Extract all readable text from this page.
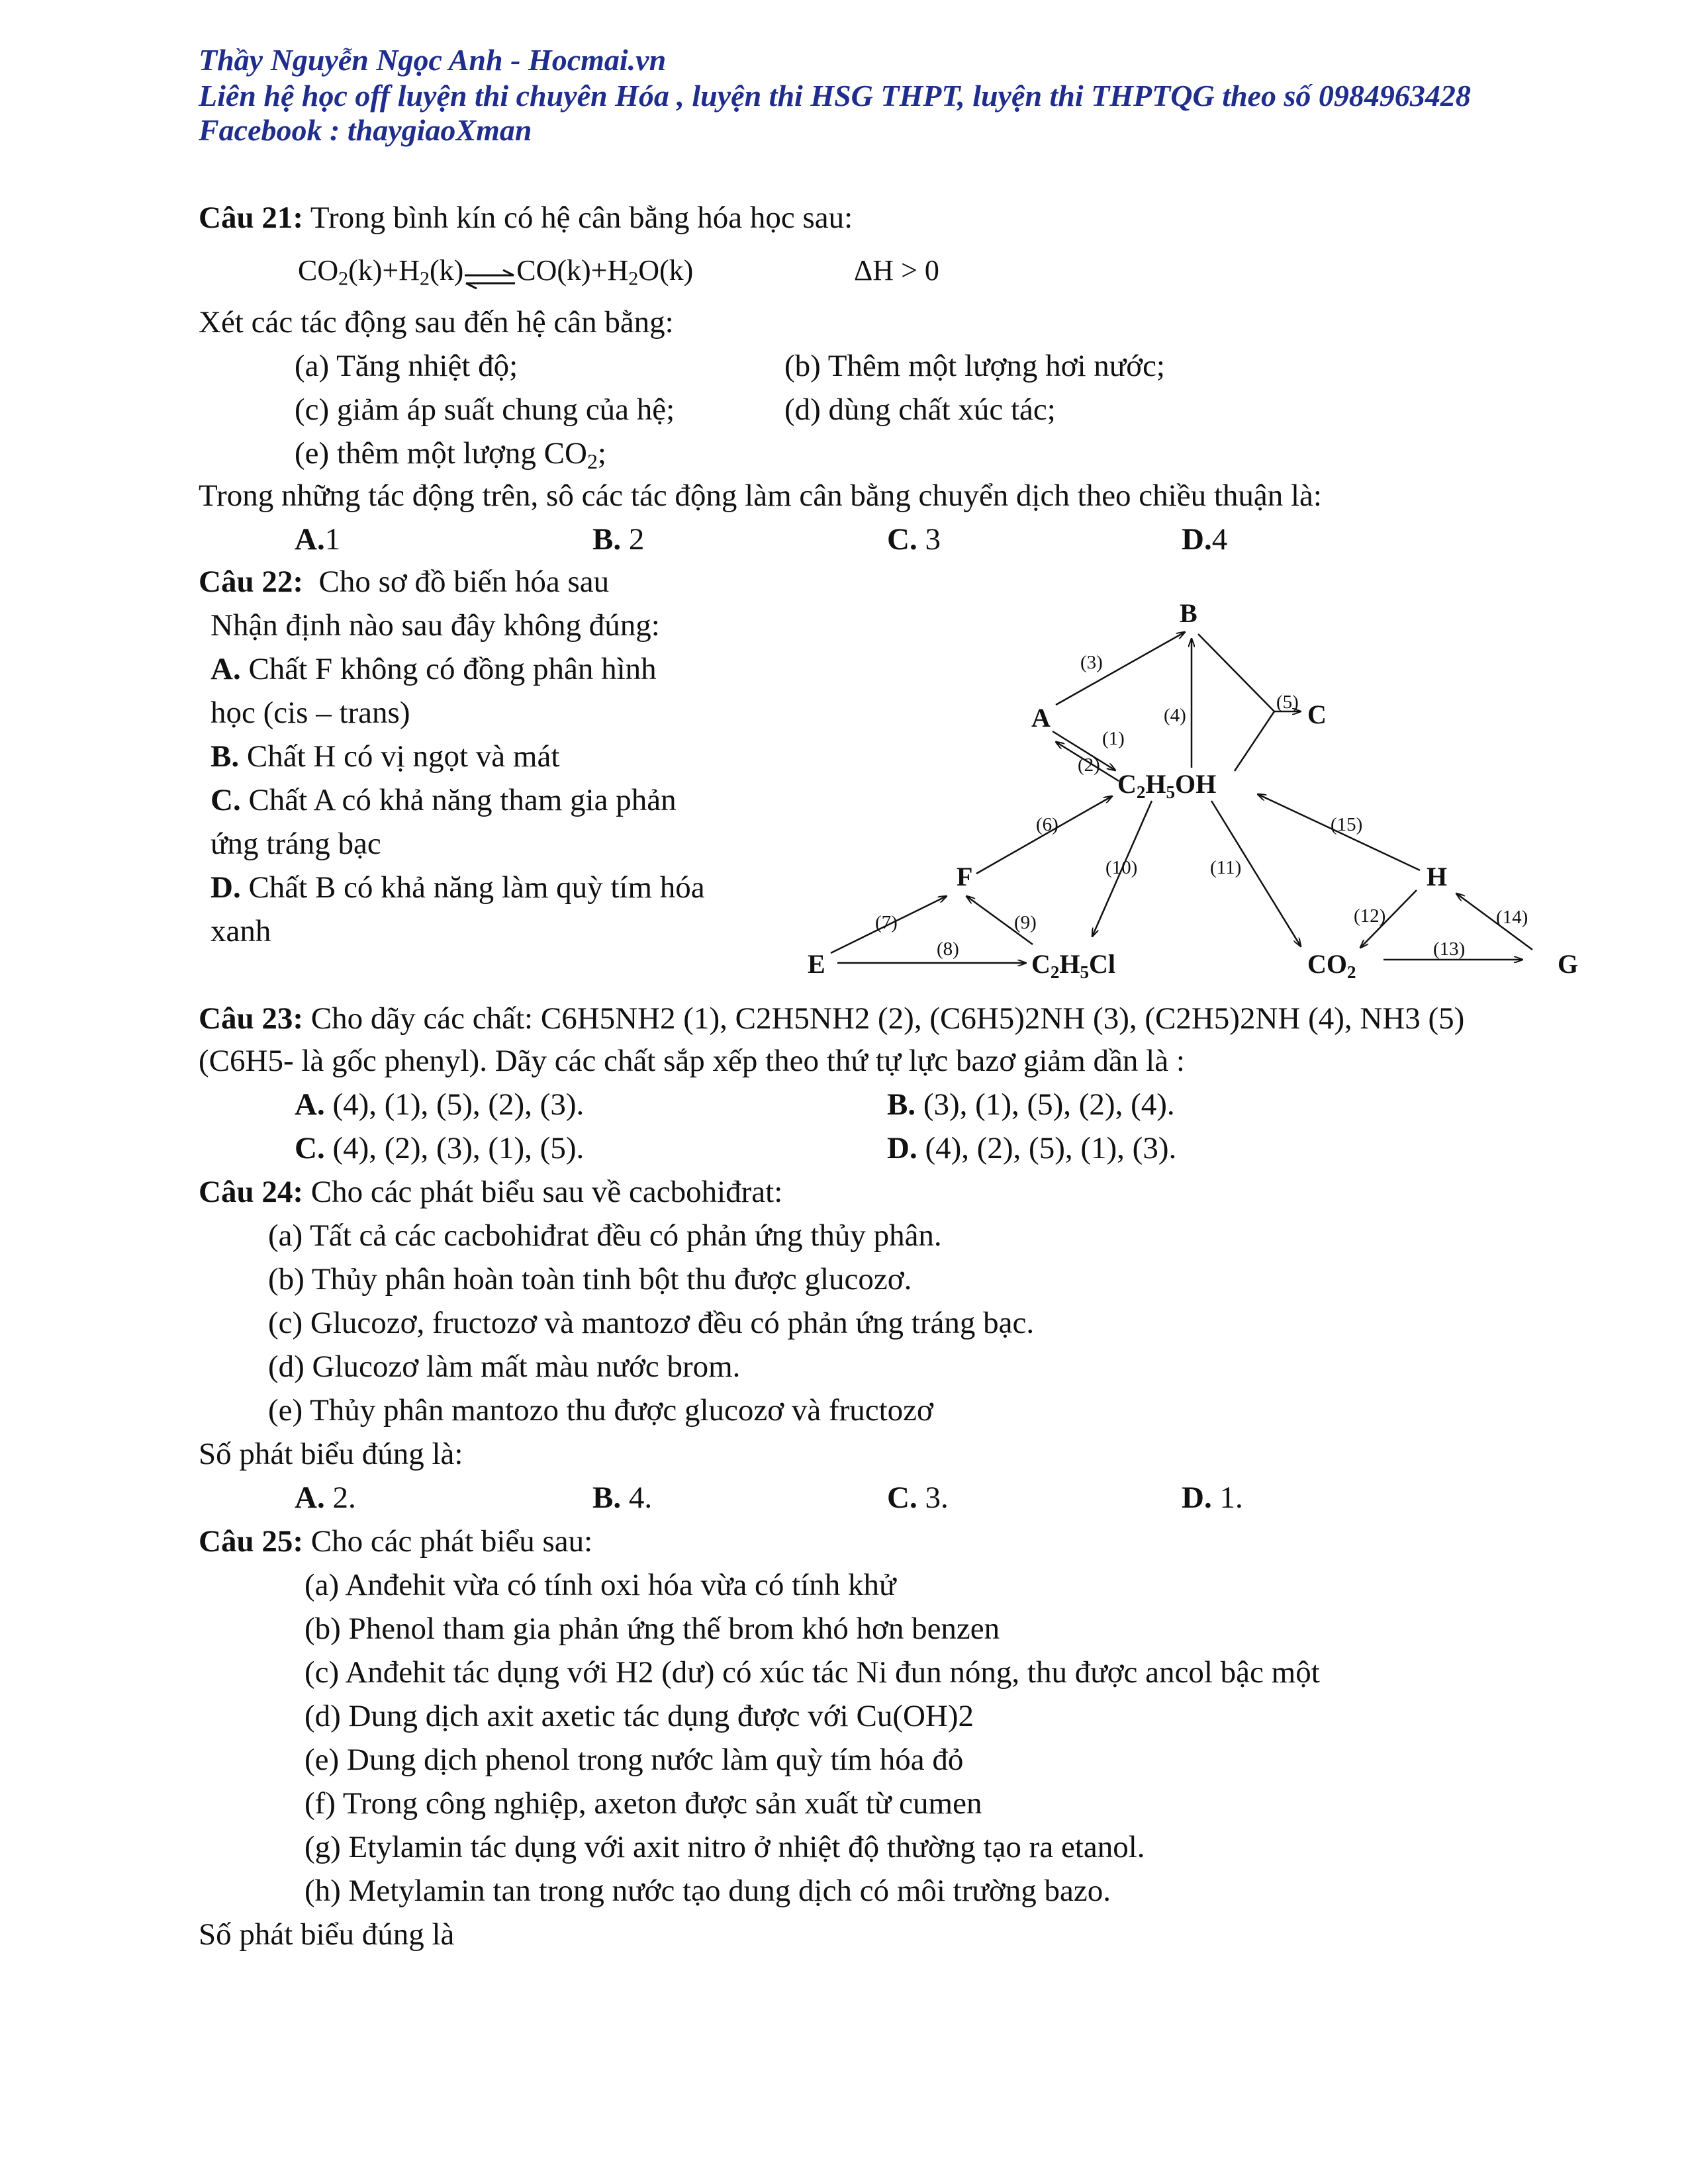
Thầy Nguyễn Ngọc Anh - Hocmai.vn
Liên hệ học off luyện thi chuyên Hóa , luyện thi HSG THPT, luyện thi THPTQG theo số 0984963428
Facebook : thaygiaoXman
Câu 21: Trong bình kín có hệ cân bằng hóa học sau:
$CO_2(k)+H_2(k)\rightleftharpoons CO(k)+H_2O(k)$	ΔH > 0
Xét các tác động sau đến hệ cân bằng:
(a) Tăng nhiệt độ;	(b) Thêm một lượng hơi nước;
(c) giảm áp suất chung của hệ;	(d) dùng chất xúc tác;
(e) thêm một lượng $CO_2$;
Trong những tác động trên, sô các tác động làm cân bằng chuyển dịch theo chiều thuận là:
A.1	B. 2	C. 3	D.4
Câu 22: Cho sơ đồ biến hóa sau
Nhận định nào sau đây không đúng:
A. Chất F không có đồng phân hình
học (cis – trans)
B. Chất H có vị ngọt và mát
C. Chất A có khả năng tham gia phản
ứng tráng bạc
D. Chất B có khả năng làm quỳ tím hóa
xanh
A
B
C
$C_2H_5OH$
F	H
E	$C_2H_5Cl$	$CO_2$	G
(1)
(2)
(3)
(4)
(5)
(6)
(7)
(8)
(9)
(10)	(11)
(12)
(13)
(14)
(15)
Câu 23: Cho dãy các chất: C6H5NH2 (1), C2H5NH2 (2), (C6H5)2NH (3), (C2H5)2NH (4), NH3 (5)
(C6H5- là gốc phenyl). Dãy các chất sắp xếp theo thứ tự lực bazơ giảm dần là :
A. (4), (1), (5), (2), (3).	B. (3), (1), (5), (2), (4).
C. (4), (2), (3), (1), (5).	D. (4), (2), (5), (1), (3).
Câu 24: Cho các phát biểu sau về cacbohiđrat:
(a) Tất cả các cacbohiđrat đều có phản ứng thủy phân.
(b) Thủy phân hoàn toàn tinh bột thu được glucozơ.
(c) Glucozơ, fructozơ và mantozơ đều có phản ứng tráng bạc.
(d) Glucozơ làm mất màu nước brom.
(e) Thủy phân mantozo thu được glucozơ và fructozơ
Số phát biểu đúng là:
A. 2.	B. 4.	C. 3.	D. 1.
Câu 25: Cho các phát biểu sau:
(a) Anđehit vừa có tính oxi hóa vừa có tính khử
(b) Phenol tham gia phản ứng thế brom khó hơn benzen
(c) Anđehit tác dụng với H2 (dư) có xúc tác Ni đun nóng, thu được ancol bậc một
(d) Dung dịch axit axetic tác dụng được với Cu(OH)2
(e) Dung dịch phenol trong nước làm quỳ tím hóa đỏ
(f) Trong công nghiệp, axeton được sản xuất từ cumen
(g) Etylamin tác dụng với axit nitro ở nhiệt độ thường tạo ra etanol.
(h) Metylamin tan trong nước tạo dung dịch có môi trường bazo.
Số phát biểu đúng là
